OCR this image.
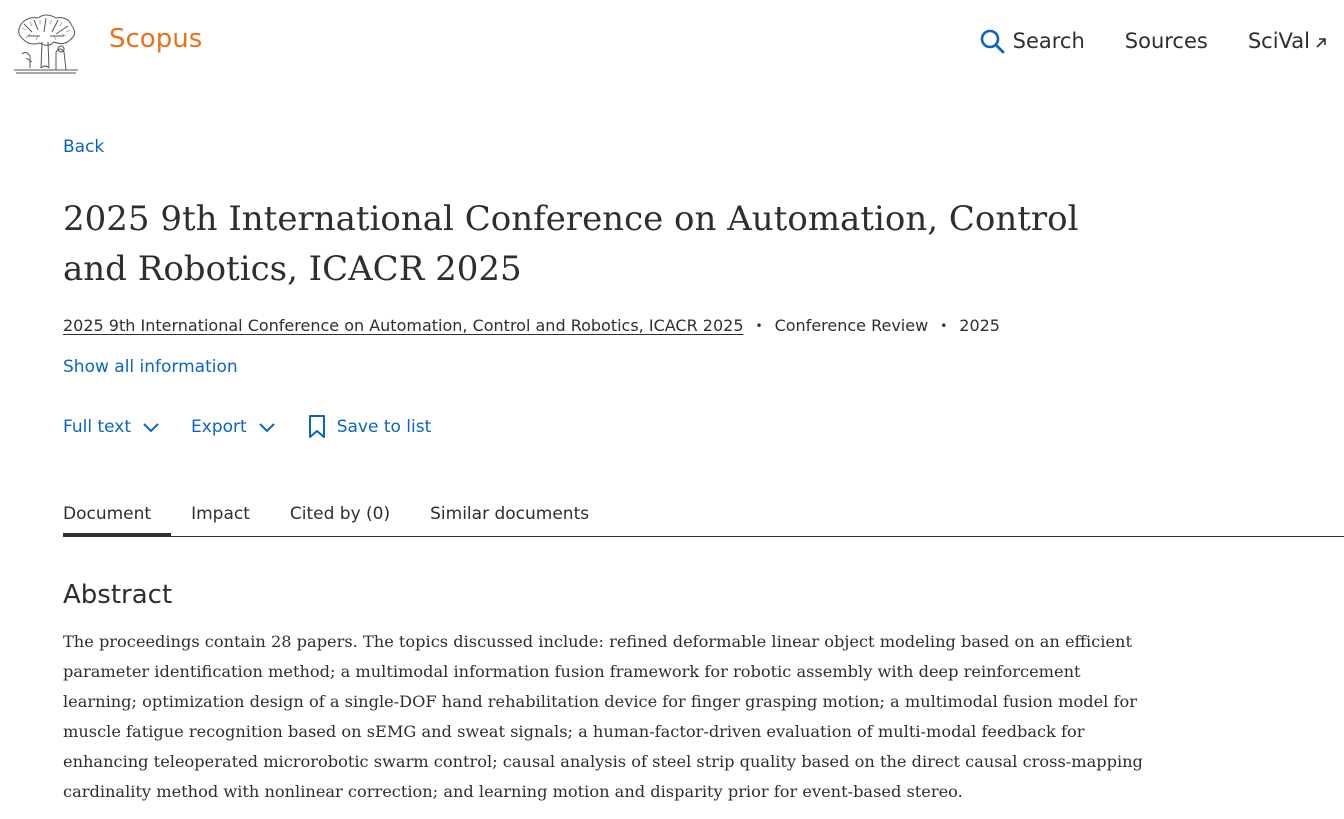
Scopus	Search Sources SciVal
Back
2025 9th International Conference on Automation, Control and Robotics, ICACR 2025
2025 9th International Conference on Automation, Control and Robotics, ICACR 2025 • Conference Review • 2025
Show all information
Full text	Export	Save to list
Document Impact Cited by (0) Similar documents
Abstract

The proceedings contain 28 papers. The topics discussed include: refined deformable linear object modeling based on an efficient parameter identification method; a multimodal information fusion framework for robotic assembly with deep reinforcement learning; optimization design of a single-DOF hand rehabilitation device for finger grasping motion; a multimodal fusion model for muscle fatigue recognition based on sEMG and sweat signals; a human-factor-driven evaluation of multi-modal feedback for enhancing teleoperated microrobotic swarm control; causal analysis of steel strip quality based on the direct causal cross-mapping cardinality method with nonlinear correction; and learning motion and disparity prior for event-based stereo.
